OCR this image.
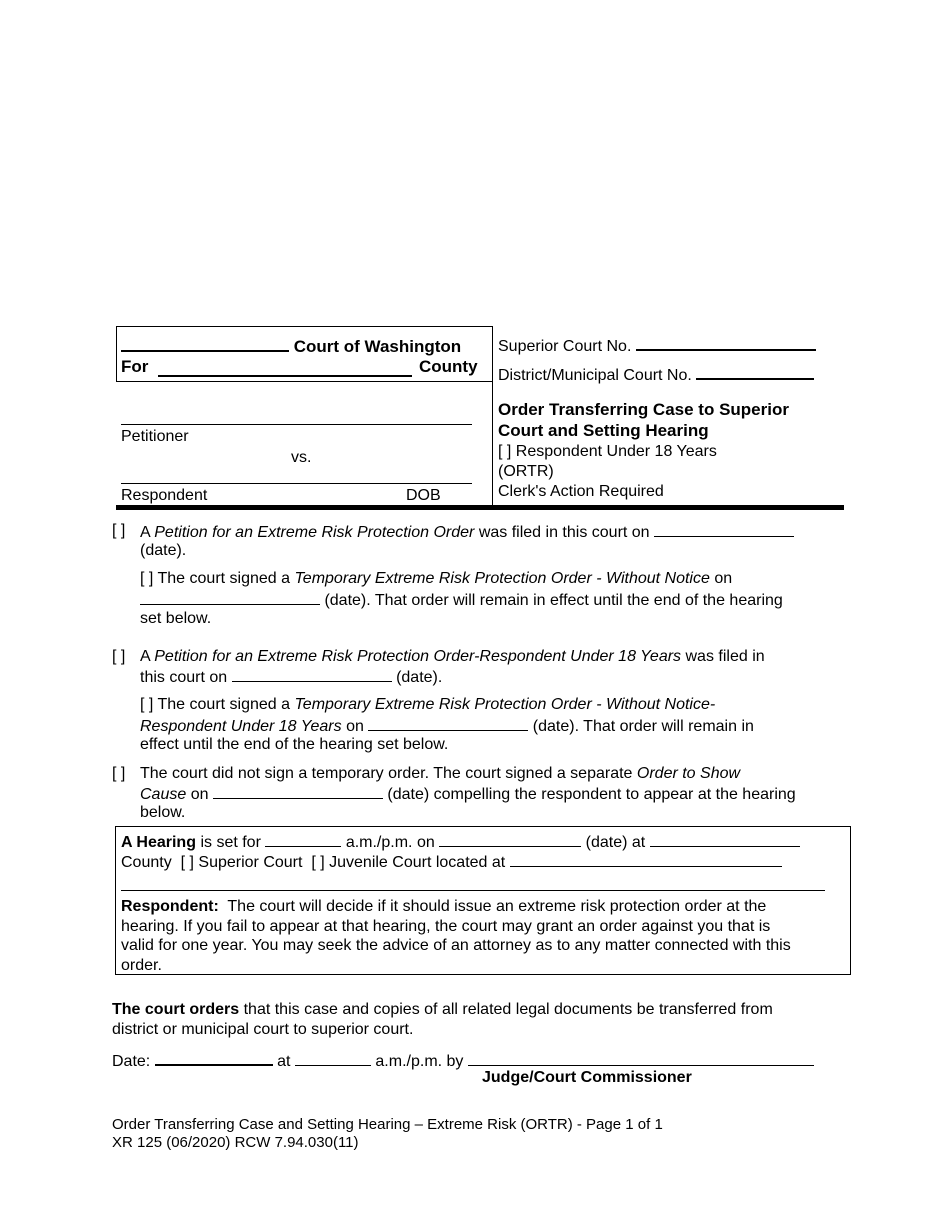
Court of Washington
For	County
Petitioner
vs.
Respondent	DOB
Superior Court No.
District/Municipal Court No.
Order Transferring Case to Superior
Court and Setting Hearing
[ ] Respondent Under 18 Years
(ORTR)
Clerk's Action Required
[ ] A Petition for an Extreme Risk Protection Order was filed in this court on
(date).
[ ] The court signed a Temporary Extreme Risk Protection Order - Without Notice on
(date). That order will remain in effect until the end of the hearing
set below.
[ ] A Petition for an Extreme Risk Protection Order-Respondent Under 18 Years was filed in
this court on	(date).
[ ] The court signed a Temporary Extreme Risk Protection Order - Without Notice-
Respondent Under 18 Years on	(date). That order will remain in
effect until the end of the hearing set below.
[ ] The court did not sign a temporary order. The court signed a separate Order to Show
Cause on	(date) compelling the respondent to appear at the hearing
below.
A Hearing is set for	a.m./p.m. on	(date) at
County [ ] Superior Court [ ] Juvenile Court located at
Respondent: The court will decide if it should issue an extreme risk protection order at the
hearing. If you fail to appear at that hearing, the court may grant an order against you that is
valid for one year. You may seek the advice of an attorney as to any matter connected with this
order.
The court orders that this case and copies of all related legal documents be transferred from
district or municipal court to superior court.
Date:	at	a.m./p.m. by
Judge/Court Commissioner
Order Transferring Case and Setting Hearing – Extreme Risk (ORTR) - Page 1 of 1
XR 125 (06/2020) RCW 7.94.030(11)
